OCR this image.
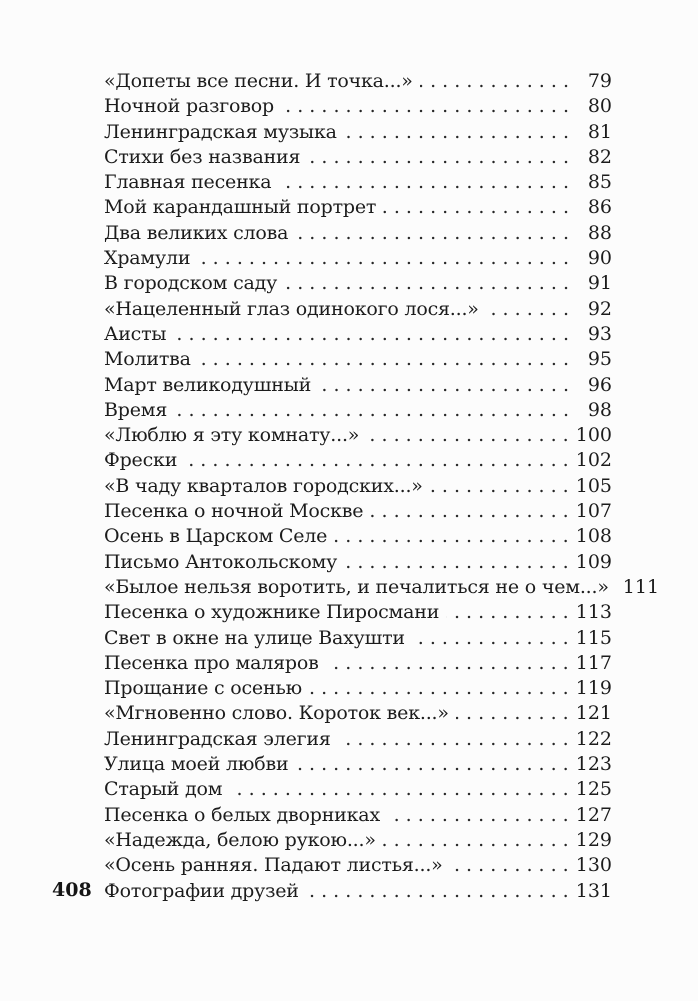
«Допеты все песни. И точка...» . . .	79
Ночной разговор . . .	80
Ленинградская музыка . . .	81
Стихи без названия . . .	82
Главная песенка . . .	85
Мой карандашный портрет . . .	86
Два великих слова . . .	88
Храмули . . .	90
В городском саду . . .	91
«Нацеленный глаз одинокого лося...» . . .	92
Аисты . . .	93
Молитва . . .	95
Март великодушный . . .	96
Время . . .	98
«Люблю я эту комнату...» . . .	100
Фрески . . .	102
«В чаду кварталов городских...» . . .	105
Песенка о ночной Москве . . .	107
Осень в Царском Селе . . .	108
Письмо Антокольскому . . .	109
«Былое нельзя воротить, и печалиться не о чем...» 111
Песенка о художнике Пиросмани . . .	113
Свет в окне на улице Вахушти . . .	115
Песенка про маляров . . .	117
Прощание с осенью . . .	119
«Мгновенно слово. Короток век...» . . .	121
Ленинградская элегия . . .	122
Улица моей любви . . .	123
Старый дом . . .	125
Песенка о белых дворниках . . .	127
«Надежда, белою рукою...» . . .	129
«Осень ранняя. Падают листья...» . . .	130
Фотографии друзей . . .	131
408
